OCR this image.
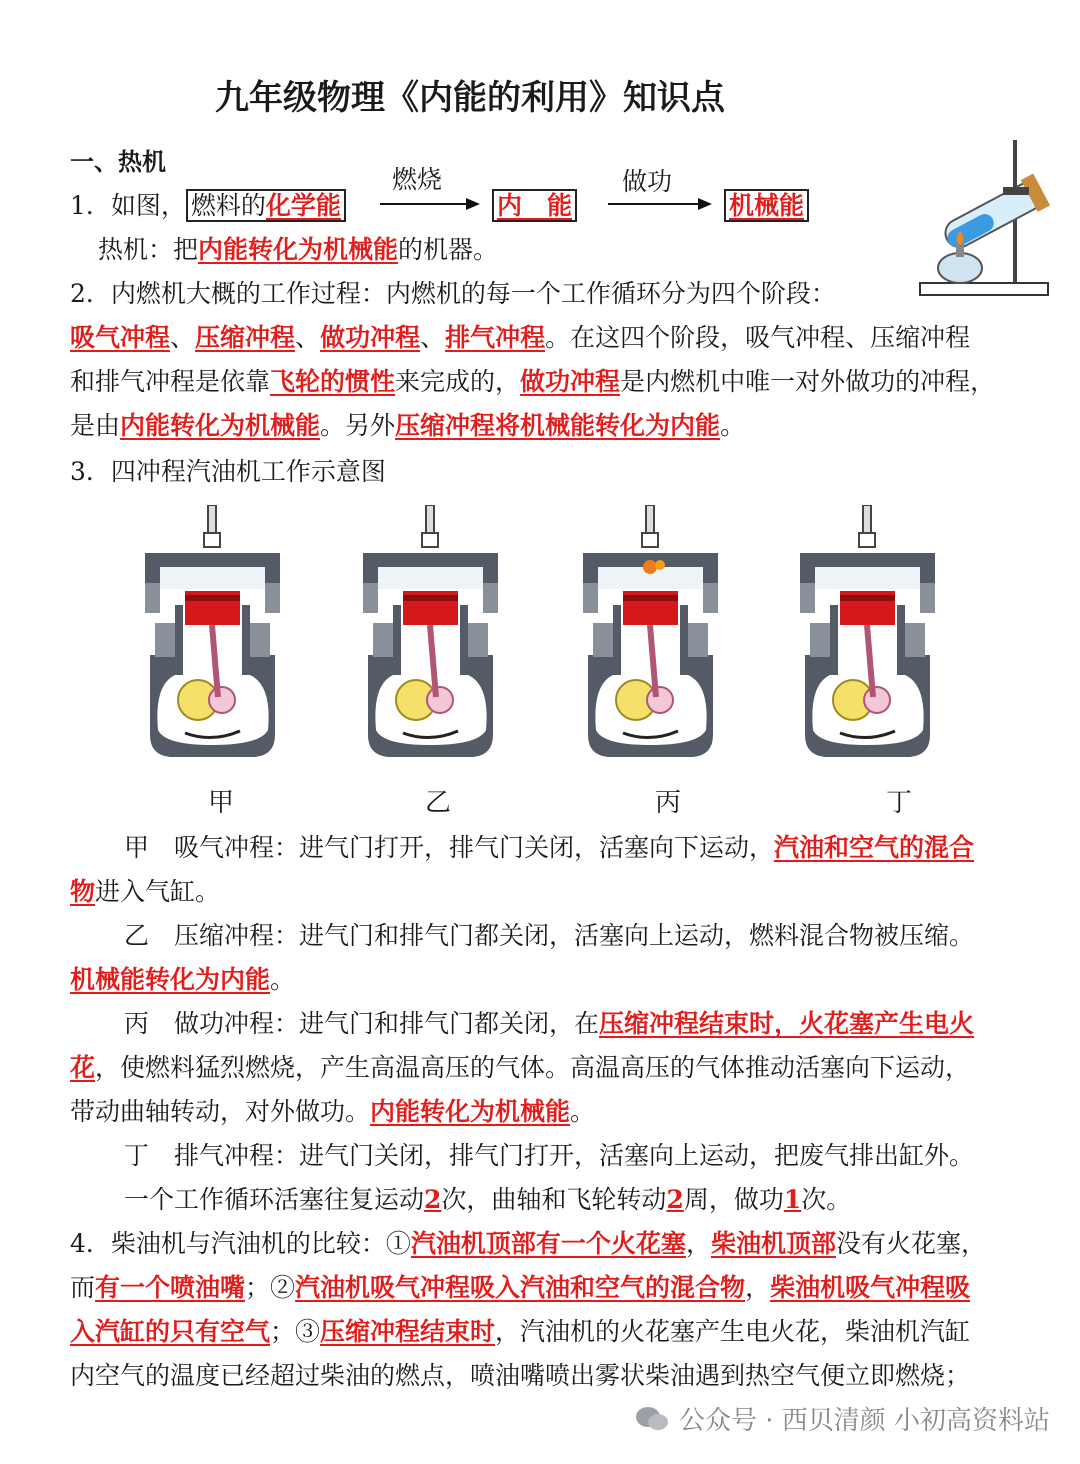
九年级物理《内能的利用》知识点
一、热机
1．如图， 燃料的化学能
燃烧
内　能
做功
机械能
热机：把内能转化为机械能的机器。
2．内燃机大概的工作过程：内燃机的每一个工作循环分为四个阶段：
吸气冲程、压缩冲程、做功冲程、排气冲程。在这四个阶段，吸气冲程、压缩冲程
和排气冲程是依靠飞轮的惯性来完成的，做功冲程是内燃机中唯一对外做功的冲程，
是由内能转化为机械能。另外压缩冲程将机械能转化为内能。
3．四冲程汽油机工作示意图
甲	乙	丙	丁
甲　吸气冲程：进气门打开，排气门关闭，活塞向下运动，汽油和空气的混合
物进入气缸。
乙　压缩冲程：进气门和排气门都关闭，活塞向上运动，燃料混合物被压缩。
机械能转化为内能。
丙　做功冲程：进气门和排气门都关闭，在压缩冲程结束时，火花塞产生电火
花，使燃料猛烈燃烧，产生高温高压的气体。高温高压的气体推动活塞向下运动，
带动曲轴转动，对外做功。内能转化为机械能。
丁　排气冲程：进气门关闭，排气门打开，活塞向上运动，把废气排出缸外。
一个工作循环活塞往复运动2次，曲轴和飞轮转动2周，做功1次。
4．柴油机与汽油机的比较：①汽油机顶部有一个火花塞，柴油机顶部没有火花塞，
而有一个喷油嘴；②汽油机吸气冲程吸入汽油和空气的混合物，柴油机吸气冲程吸
入汽缸的只有空气；③压缩冲程结束时，汽油机的火花塞产生电火花，柴油机汽缸
内空气的温度已经超过柴油的燃点，喷油嘴喷出雾状柴油遇到热空气便立即燃烧；
公众号 · 西贝清颜 小初高资料站
